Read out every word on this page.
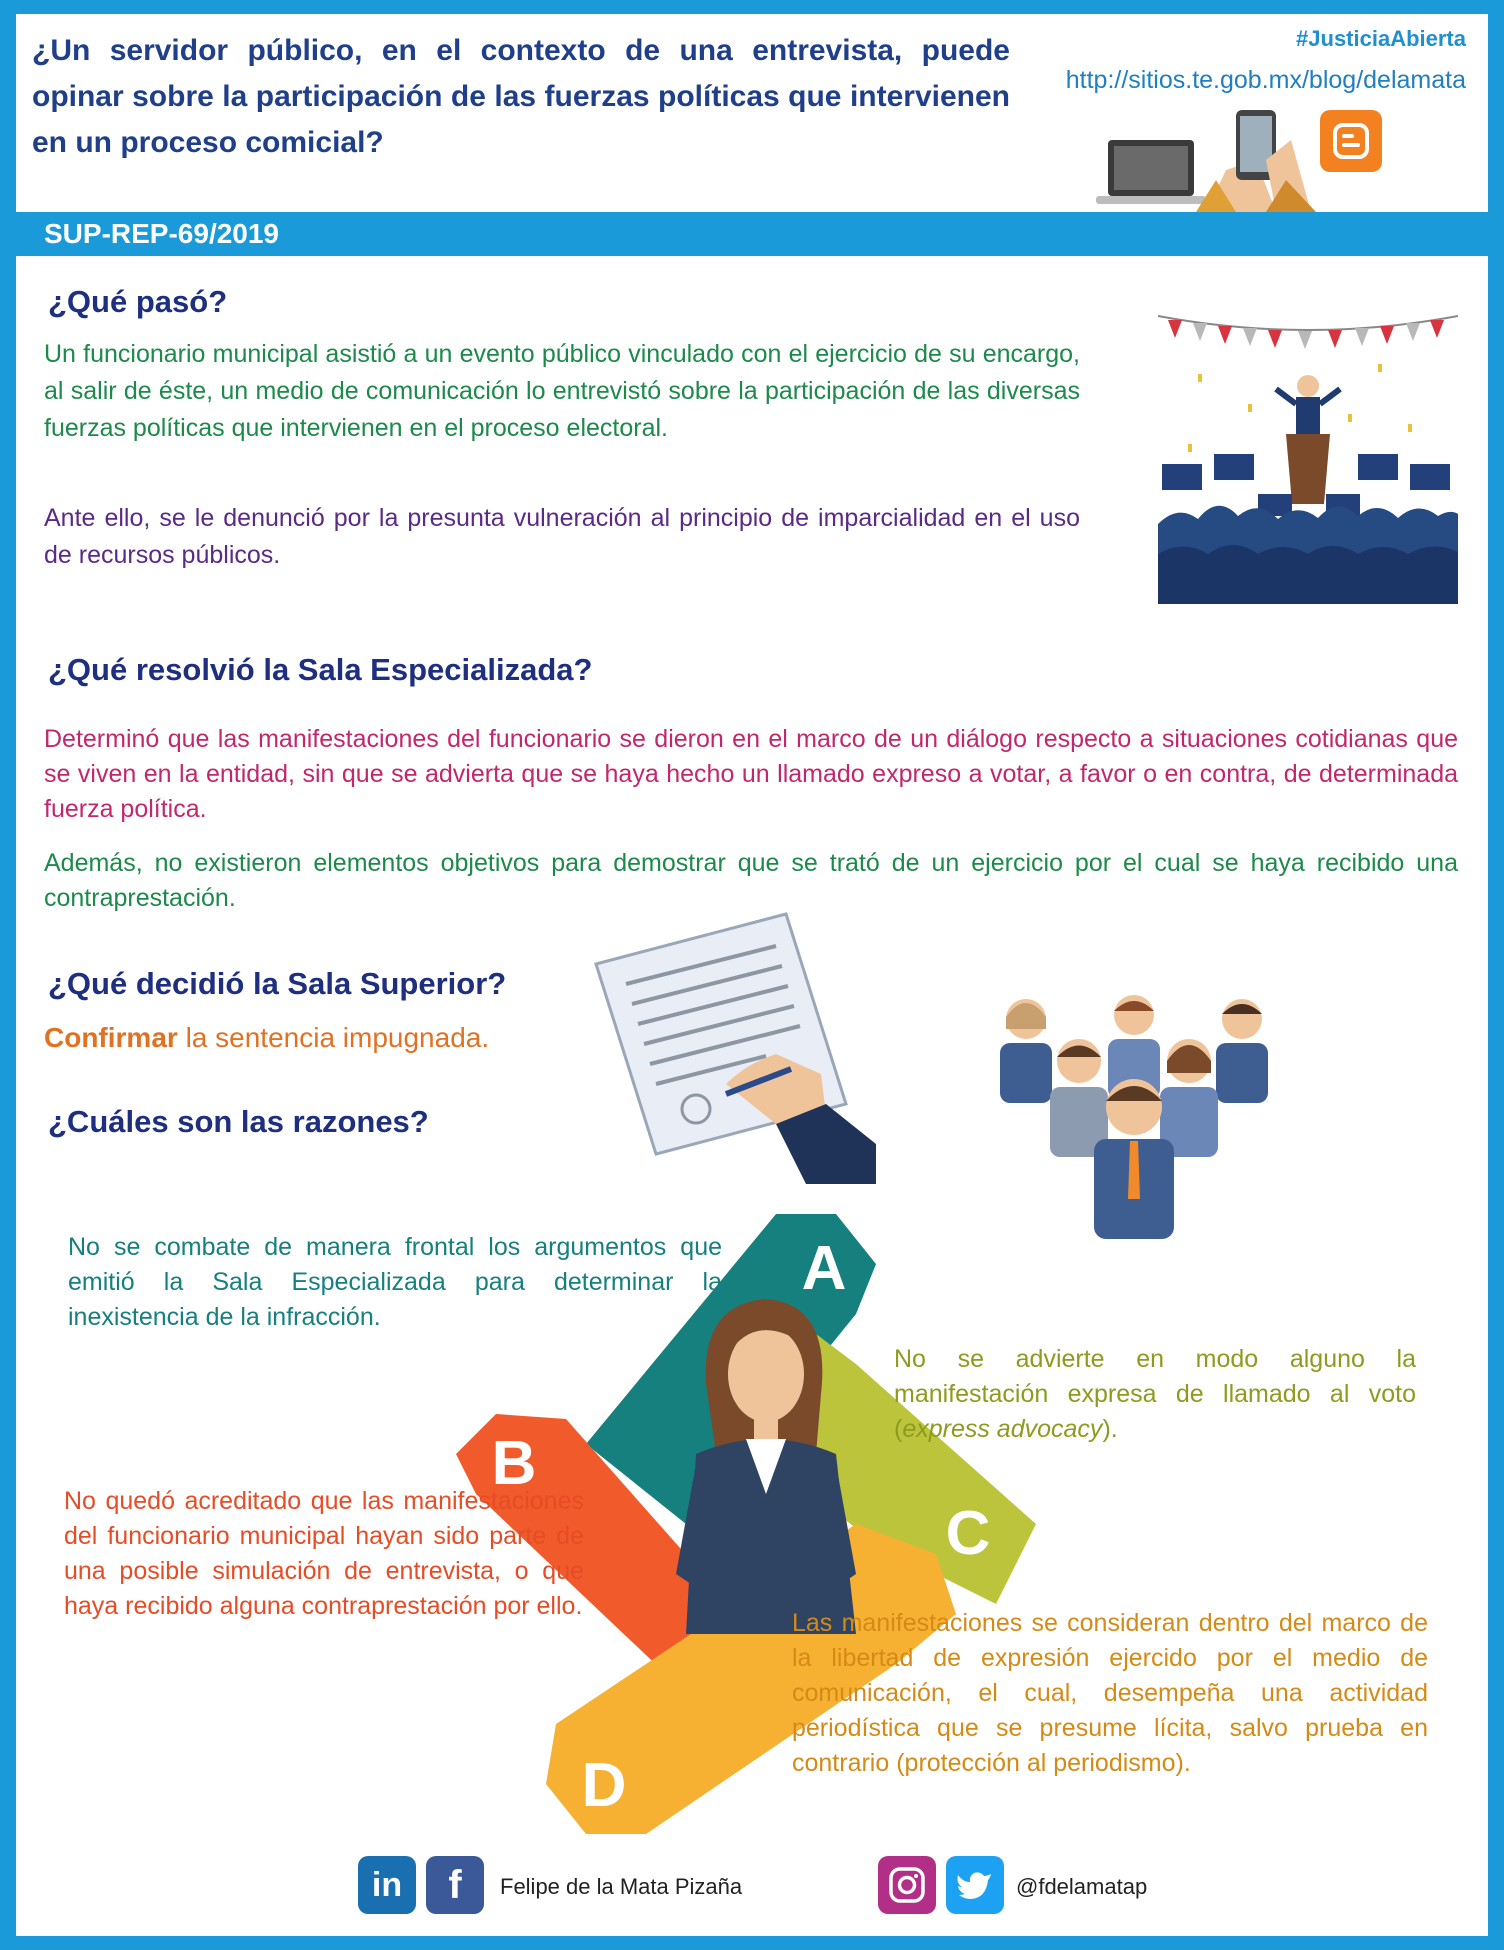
¿Un servidor público, en el contexto de una entrevista, puede opinar sobre la participación de las fuerzas políticas que intervienen en un proceso comicial?
#JusticiaAbierta
http://sitios.te.gob.mx/blog/delamata
SUP-REP-69/2019
¿Qué pasó?
Un funcionario municipal asistió a un evento público vinculado con el ejercicio de su encargo, al salir de éste, un medio de comunicación lo entrevistó sobre la participación de las diversas fuerzas políticas que intervienen en el proceso electoral.
Ante ello, se le denunció por la presunta vulneración al principio de imparcialidad en el uso de recursos públicos.
¿Qué resolvió la Sala Especializada?
Determinó que las manifestaciones del funcionario se dieron en el marco de un diálogo respecto a situaciones cotidianas que se viven en la entidad, sin que se advierta que se haya hecho un llamado expreso a votar, a favor o en contra, de determinada fuerza política.
Además, no existieron elementos objetivos para demostrar que se trató de un ejercicio por el cual se haya recibido una contraprestación.
¿Qué decidió la Sala Superior?
Confirmar la sentencia impugnada.
¿Cuáles son las razones?
A
C
B
D
No se combate de manera frontal los argumentos que emitió la Sala Especializada para determinar la inexistencia de la infracción.
No se advierte en modo alguno la manifestación expresa de llamado al voto (express advocacy).
No quedó acreditado que las manifestaciones del funcionario municipal hayan sido parte de una posible simulación de entrevista, o que haya recibido alguna contraprestación por ello.
Las manifestaciones se consideran dentro del marco de la libertad de expresión ejercido por el medio de comunicación, el cual, desempeña una actividad periodística que se presume lícita, salvo prueba en contrario (protección al periodismo).
in	f	Felipe de la Mata Pizaña	@fdelamatap
